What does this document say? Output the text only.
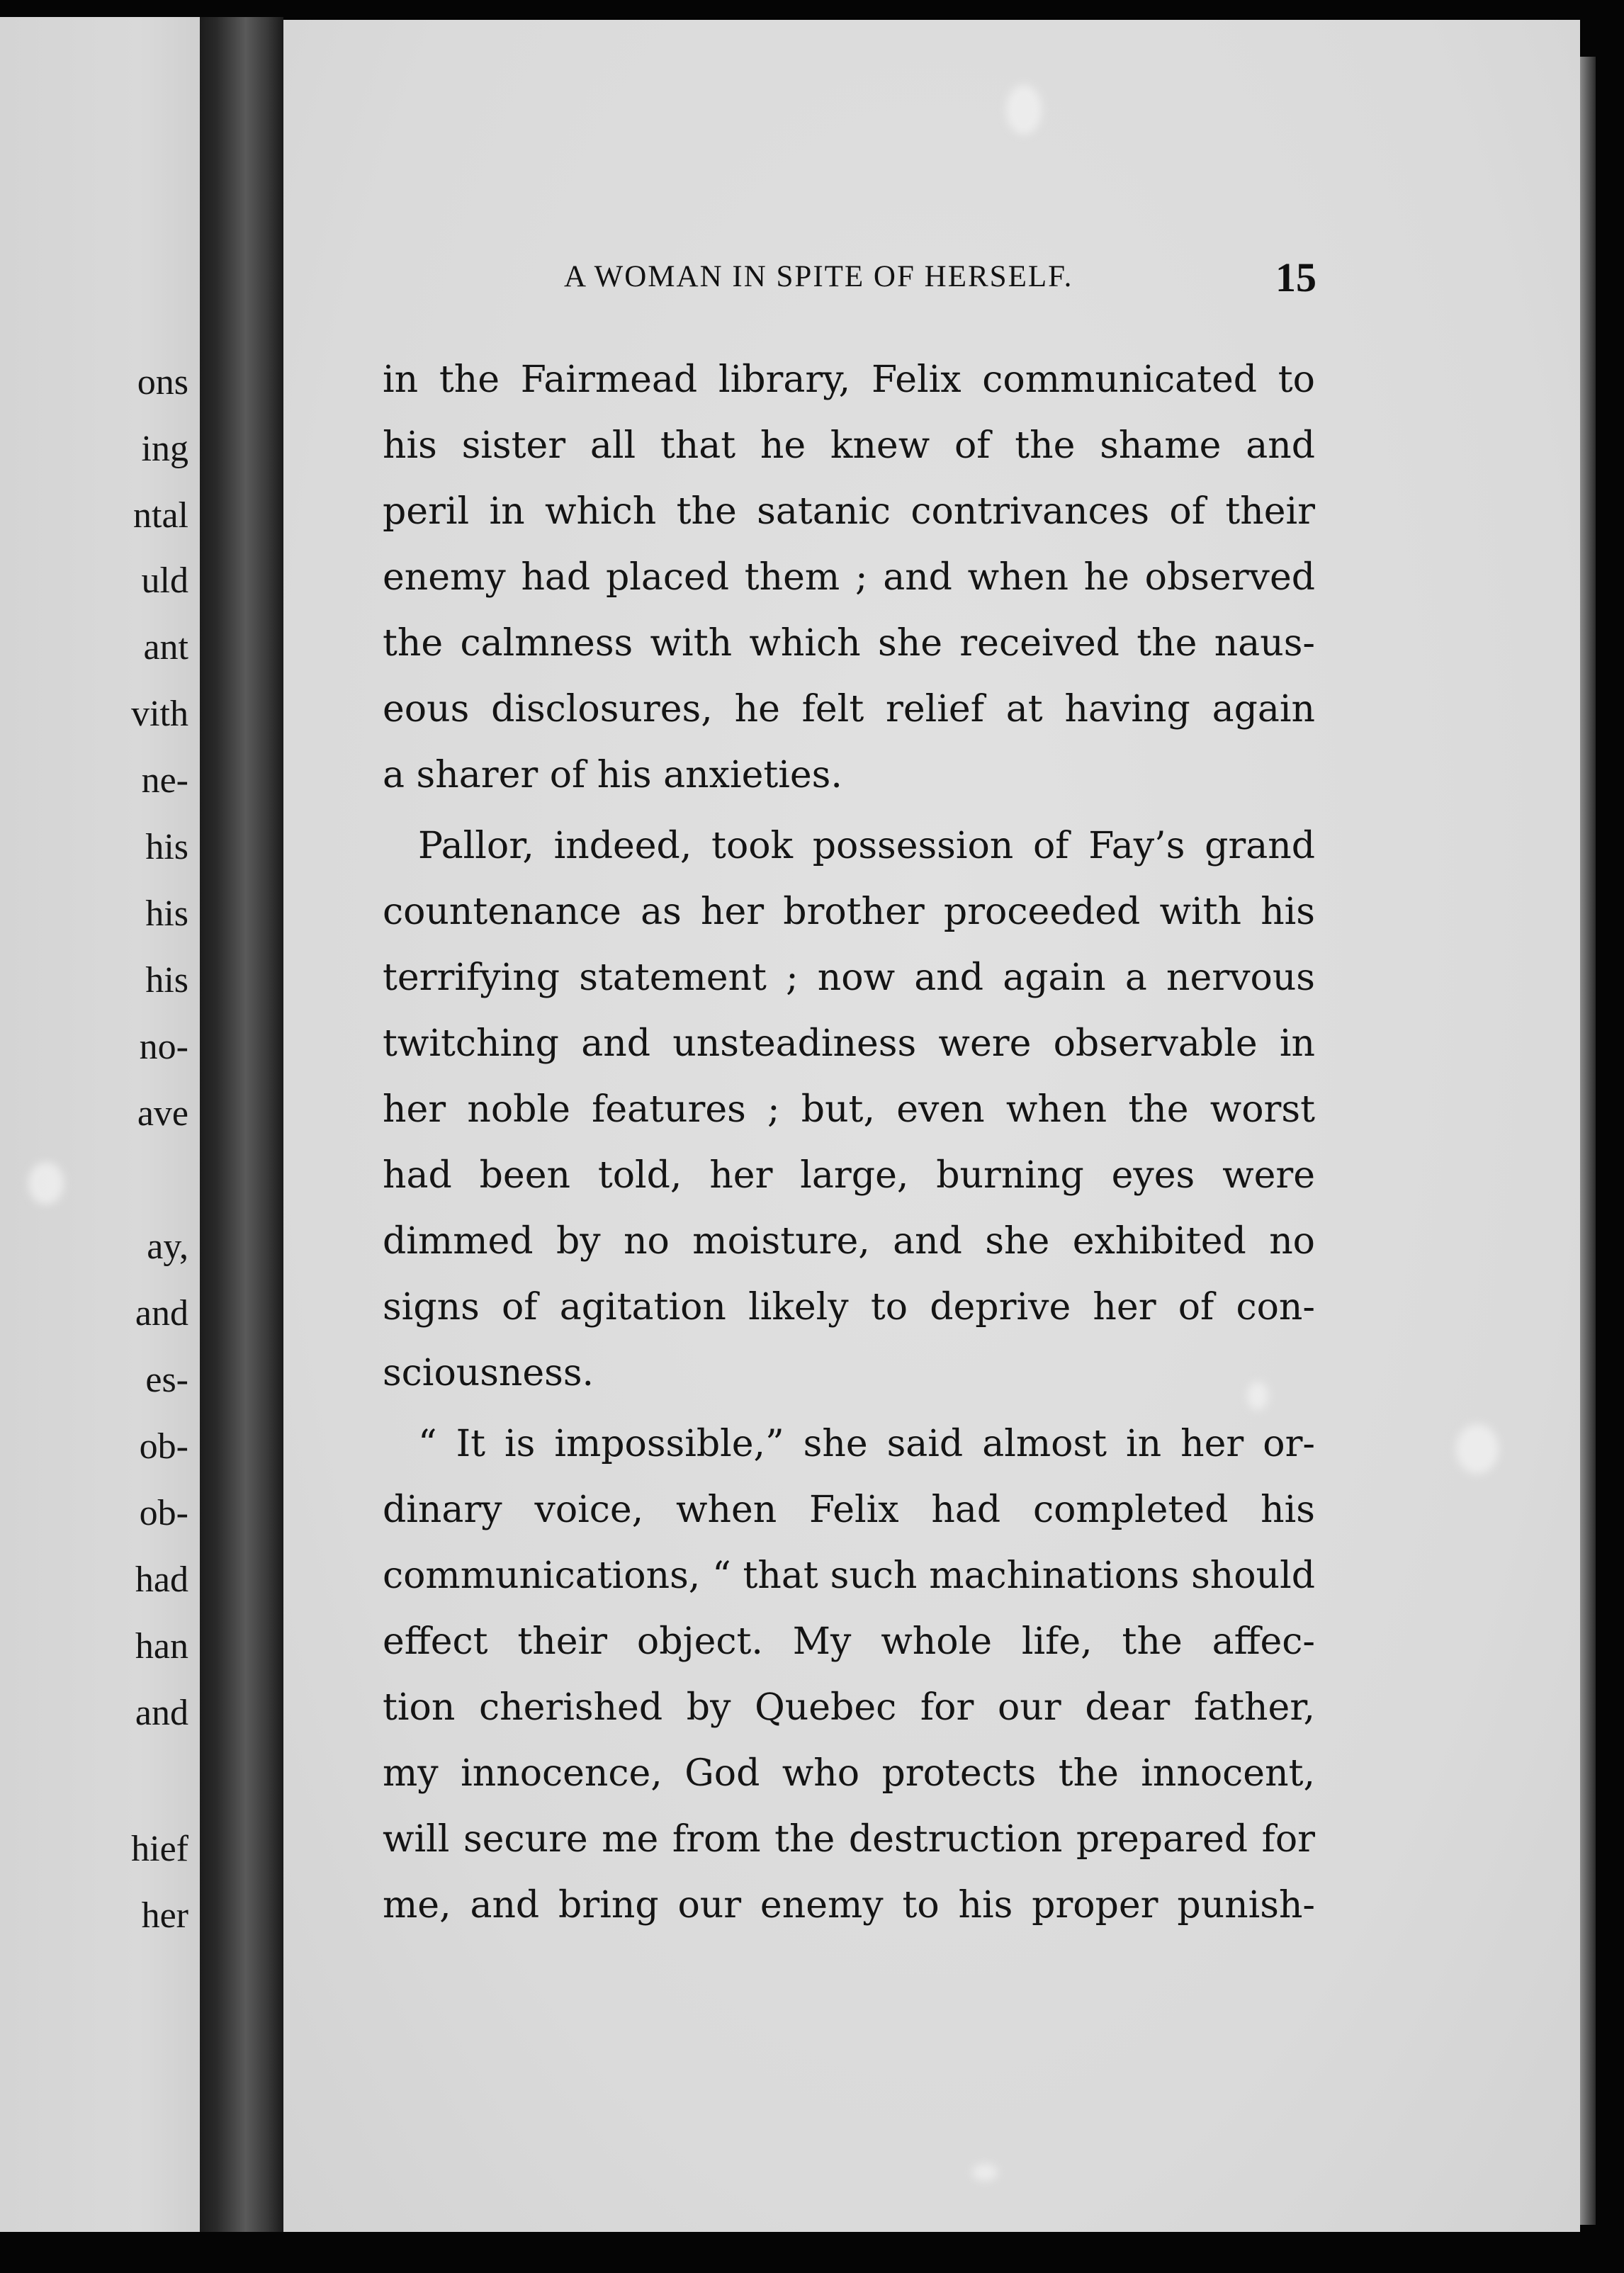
ons
ing
ntal
uld
ant
vith
ne-
his
his
his
no-
ave
ay,
and
es-
ob-
ob-
had
han
and
hief
her
A WOMAN IN SPITE OF HERSELF.	15
in the Fairmead library, Felix communicated to
his sister all that he knew of the shame and
peril in which the satanic contrivances of their
enemy had placed them ; and when he observed
the calmness with which she received the naus-
eous disclosures, he felt relief at having again
a sharer of his anxieties.
Pallor, indeed, took possession of Fay’s grand
countenance as her brother proceeded with his
terrifying statement ; now and again a nervous
twitching and unsteadiness were observable in
her noble features ; but, even when the worst
had been told, her large, burning eyes were
dimmed by no moisture, and she exhibited no
signs of agitation likely to deprive her of con-
sciousness.
“ It is impossible,” she said almost in her or-
dinary voice, when Felix had completed his
communications, “ that such machinations should
effect their object. My whole life, the affec-
tion cherished by Quebec for our dear father,
my innocence, God who protects the innocent,
will secure me from the destruction prepared for
me, and bring our enemy to his proper punish-
